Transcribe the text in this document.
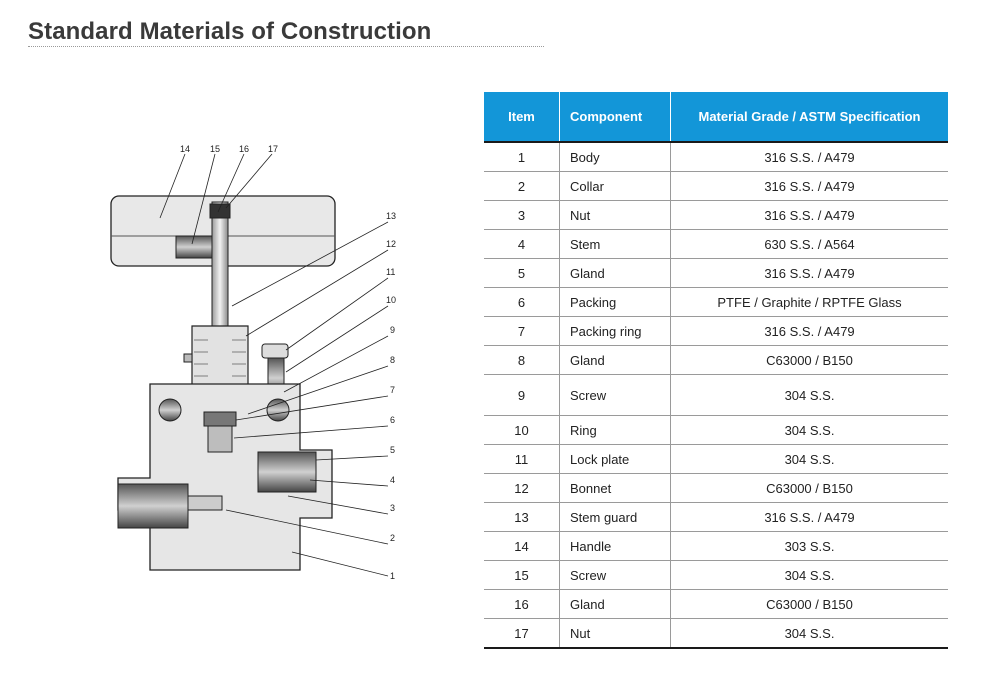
Standard Materials of Construction
14 15 16 17
13
12
11
10
9
8
7
6
5
4
3
2
1
Item	Component	Material Grade / ASTM Specification
1	Body	316 S.S. / A479
2	Collar	316 S.S. / A479
3	Nut	316 S.S. / A479
4	Stem	630 S.S. / A564
5	Gland	316 S.S. / A479
6	Packing	PTFE / Graphite / RPTFE Glass
7	Packing ring	316 S.S. / A479
8	Gland	C63000 / B150
9	Screw	304 S.S.
10	Ring	304 S.S.
11	Lock plate	304 S.S.
12	Bonnet	C63000 / B150
13	Stem guard	316 S.S. / A479
14	Handle	303 S.S.
15	Screw	304 S.S.
16	Gland	C63000 / B150
17	Nut	304 S.S.
